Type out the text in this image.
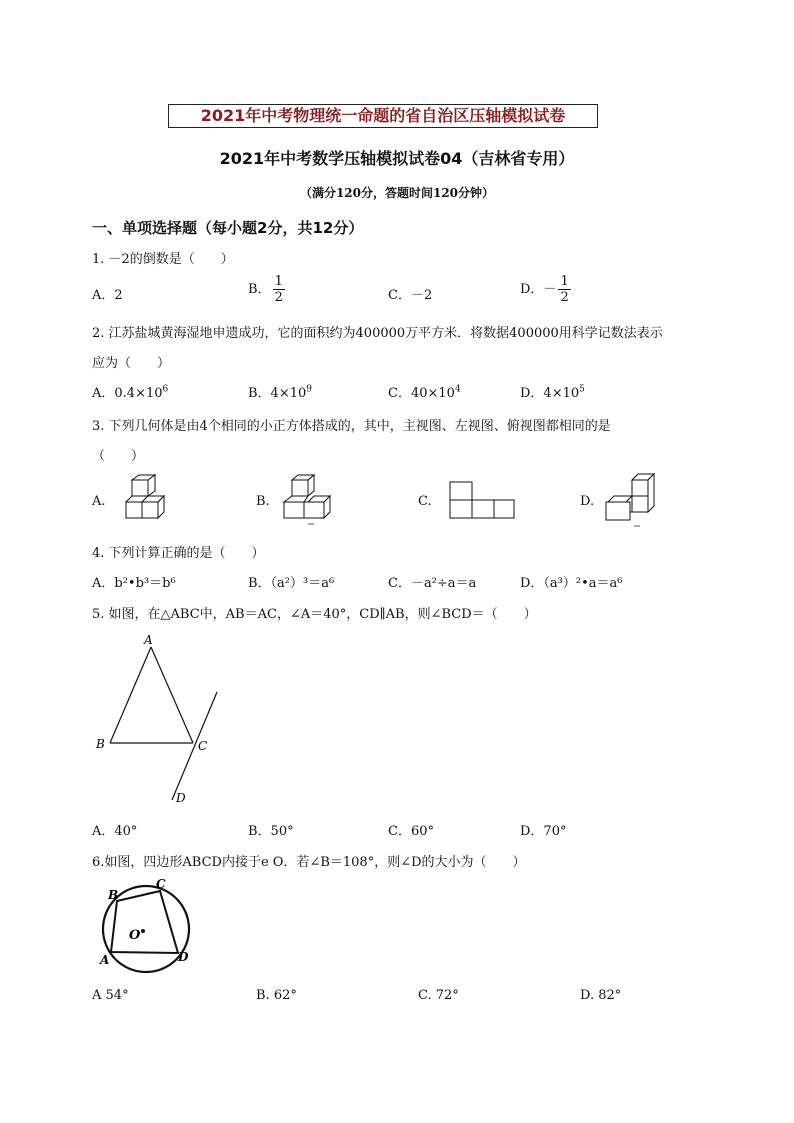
2021年中考物理统一命题的省自治区压轴模拟试卷
2021年中考数学压轴模拟试卷04（吉林省专用）
（满分120分，答题时间120分钟）
一、单项选择题（每小题2分，共12分）
1. －2的倒数是（　　）
A．2	B． $\frac{1}{2}$	C．－2	D．－ $\frac{1}{2}$
2. 江苏盐城黄海湿地申遗成功，它的面积约为400000万平方米．将数据400000用科学记数法表示
应为（　　）
A．$0.4\times 10^6$	B．$4\times 10^9$	C．$40\times 10^4$	D．$4\times 10^5$
3. 下列几何体是由4个相同的小正方体搭成的，其中，主视图、左视图、俯视图都相同的是
（　　）
A.	B.	C.	D.
4. 下列计算正确的是（　　）
A．b²•b³＝b⁶	B．（a²）³＝a⁶	C．－a²÷a＝a	D．（a³）²•a＝a⁶
5. 如图，在△ABC中，AB＝AC，∠A＝40°，CD∥AB，则∠BCD＝（　　）
A
B	C
D
A．40°	B．50°	C．60°	D．70°
6.如图，四边形ABCD内接于e O．若∠B＝108°，则∠D的大小为（　　）
B
C
A	D
O
A 54°	B. 62°	C. 72°	D. 82°
